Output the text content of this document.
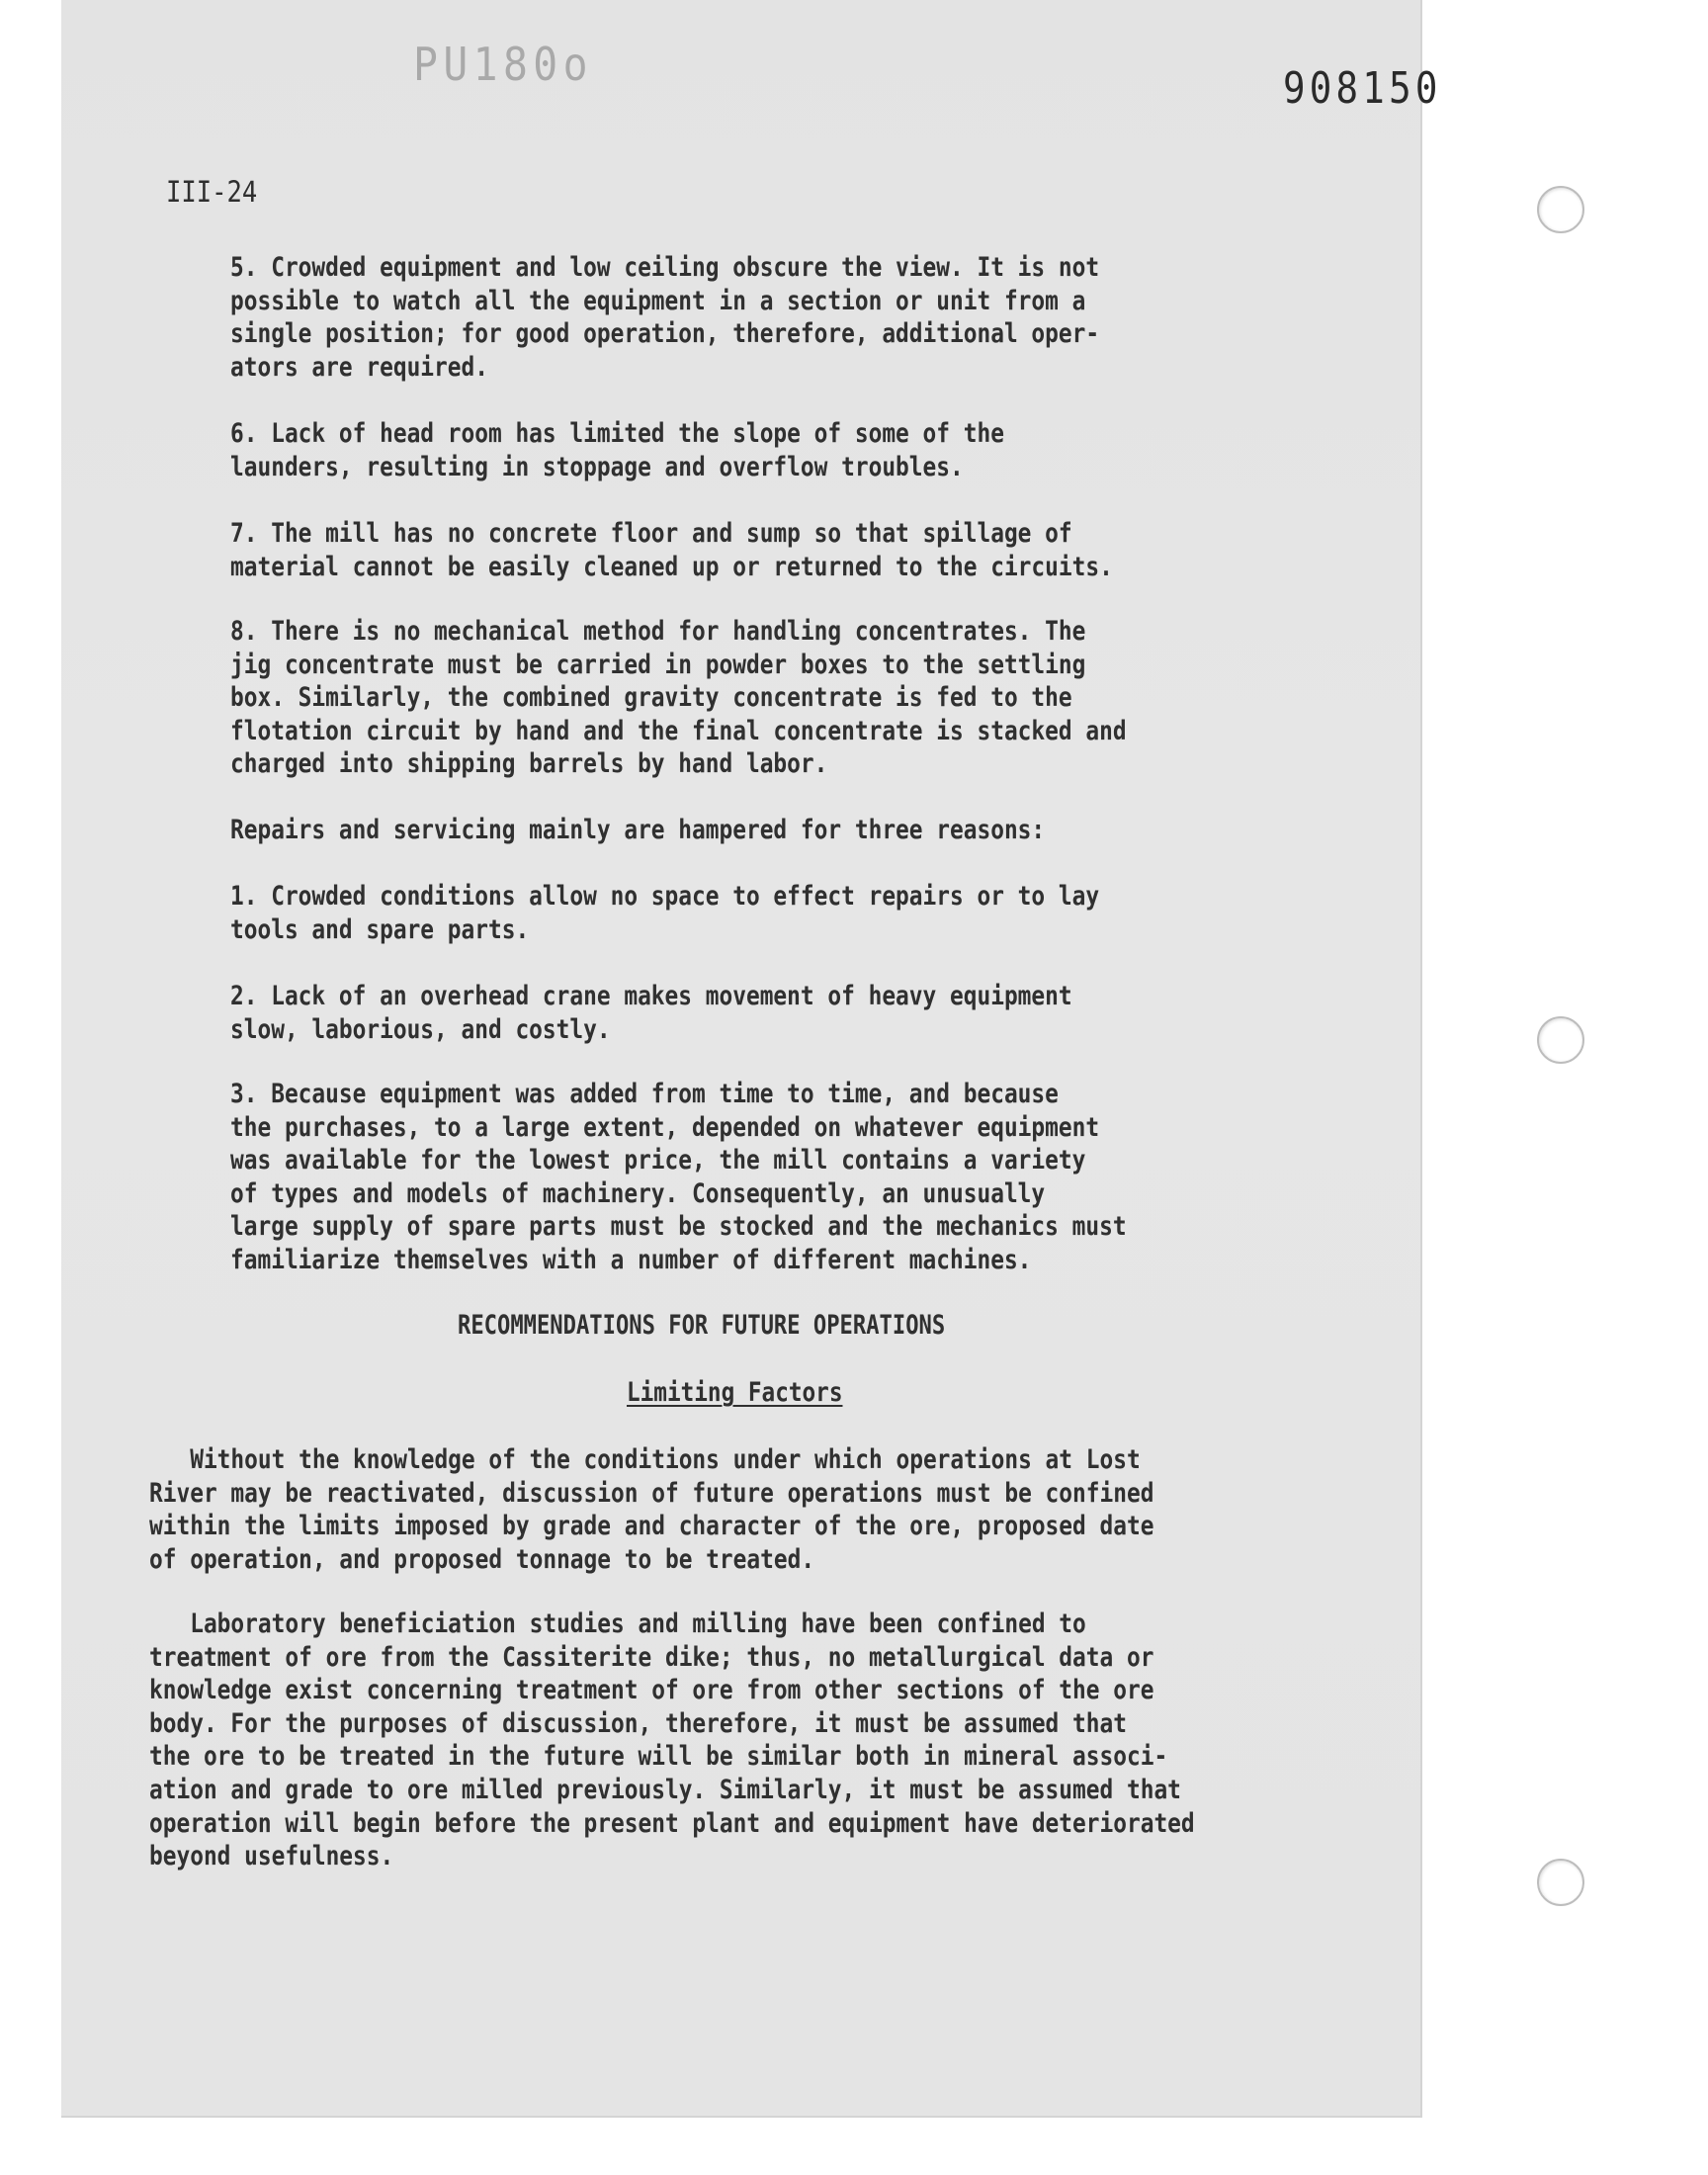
PU180o	908150
III-24

5. Crowded equipment and low ceiling obscure the view. It is not
possible to watch all the equipment in a section or unit from a
single position; for good operation, therefore, additional oper-
ators are required.

6. Lack of head room has limited the slope of some of the
launders, resulting in stoppage and overflow troubles.

7. The mill has no concrete floor and sump so that spillage of
material cannot be easily cleaned up or returned to the circuits.

8. There is no mechanical method for handling concentrates. The
jig concentrate must be carried in powder boxes to the settling
box. Similarly, the combined gravity concentrate is fed to the
flotation circuit by hand and the final concentrate is stacked and
charged into shipping barrels by hand labor.

Repairs and servicing mainly are hampered for three reasons:

1. Crowded conditions allow no space to effect repairs or to lay
tools and spare parts.

2. Lack of an overhead crane makes movement of heavy equipment
slow, laborious, and costly.

3. Because equipment was added from time to time, and because
the purchases, to a large extent, depended on whatever equipment
was available for the lowest price, the mill contains a variety
of types and models of machinery. Consequently, an unusually
large supply of spare parts must be stocked and the mechanics must
familiarize themselves with a number of different machines.

RECOMMENDATIONS FOR FUTURE OPERATIONS
Limiting Factors

Without the knowledge of the conditions under which operations at Lost
River may be reactivated, discussion of future operations must be confined
within the limits imposed by grade and character of the ore, proposed date
of operation, and proposed tonnage to be treated.

Laboratory beneficiation studies and milling have been confined to
treatment of ore from the Cassiterite dike; thus, no metallurgical data or
knowledge exist concerning treatment of ore from other sections of the ore
body. For the purposes of discussion, therefore, it must be assumed that
the ore to be treated in the future will be similar both in mineral associ-
ation and grade to ore milled previously. Similarly, it must be assumed that
operation will begin before the present plant and equipment have deteriorated
beyond usefulness.
